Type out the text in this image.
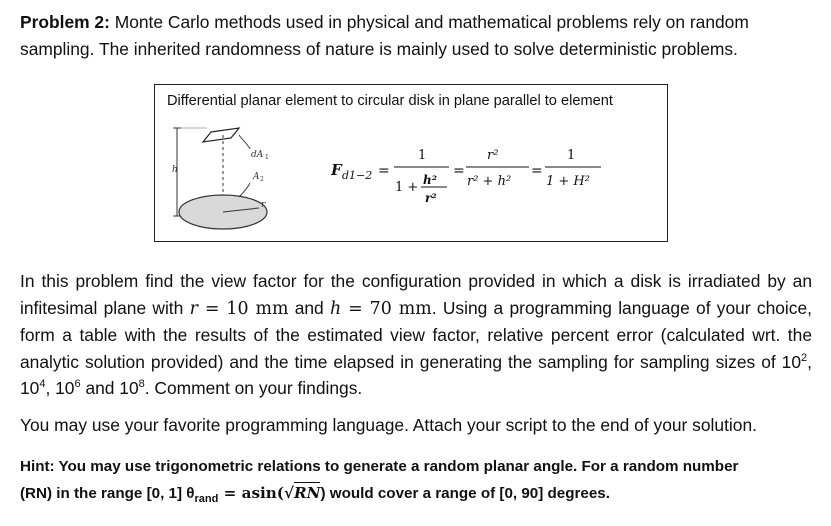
Problem 2: Monte Carlo methods used in physical and mathematical problems rely on random sampling. The inherited randomness of nature is mainly used to solve deterministic problems.
Differential planar element to circular disk in plane parallel to element
h
dA 1
A 2
r
F d1−2 =
1
1 + h²
r²
=
r²
r² + h²
=
1
1 + H²
In this problem find the view factor for the configuration provided in which a disk is irradiated by an infitesimal plane with r = 10 mm and h = 70 mm. Using a programming language of your choice, form a table with the results of the estimated view factor, relative percent error (calculated wrt. the analytic solution provided) and the time elapsed in generating the sampling for sampling sizes of $10^2$, $10^4$, $10^6$ and $10^8$. Comment on your findings.
You may use your favorite programming language. Attach your script to the end of your solution.
Hint: You may use trigonometric relations to generate a random planar angle. For a random number
(RN) in the range [0, 1] $\theta_{rand} = asin(√RN)$ would cover a range of [0, 90] degrees.
